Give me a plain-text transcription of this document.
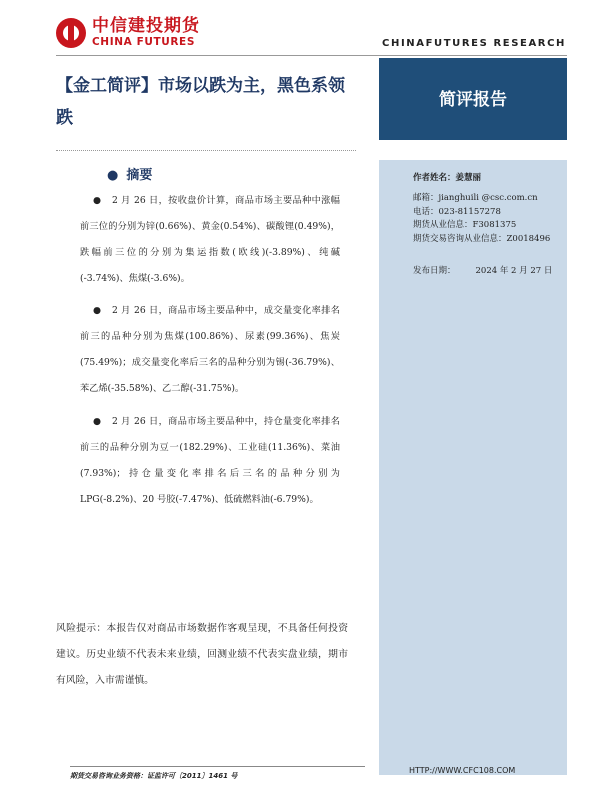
中信建投期货
CHINA FUTURES	CHINAFUTURES RESEARCH
【金工简评】市场以跌为主，黑色系领跌
简评报告
作者姓名：姜慧丽
邮箱：jianghuili @csc.com.cn
电话：023-81157278
期货从业信息：F3081375
期货交易咨询从业信息：Z0018496
发布日期： 2024 年 2 月 27 日
● 摘要
● 2 月 26 日，按收盘价计算，商品市场主要品种中涨幅前三位的分别为锌(0.66%)、黄金(0.54%)、碳酸锂(0.49%)，跌幅前三位的分别为集运指数(欧线)(-3.89%)、纯碱(-3.74%)、焦煤(-3.6%)。
● 2 月 26 日，商品市场主要品种中，成交量变化率排名前三的品种分别为焦煤(100.86%)、尿素(99.36%)、焦炭(75.49%)；成交量变化率后三名的品种分别为锡(-36.79%)、苯乙烯(-35.58%)、乙二醇(-31.75%)。
● 2 月 26 日，商品市场主要品种中，持仓量变化率排名前三的品种分别为豆一(182.29%)、工业硅(11.36%)、菜油(7.93%)；持仓量变化率排名后三名的品种分别为 LPG(-8.2%)、20 号胶(-7.47%)、低硫燃料油(-6.79%)。
风险提示：本报告仅对商品市场数据作客观呈现，不具备任何投资建议。历史业绩不代表未来业绩，回测业绩不代表实盘业绩，期市有风险，入市需谨慎。
期货交易咨询业务资格：证监许可〔2011〕1461 号
HTTP://WWW.CFC108.COM
